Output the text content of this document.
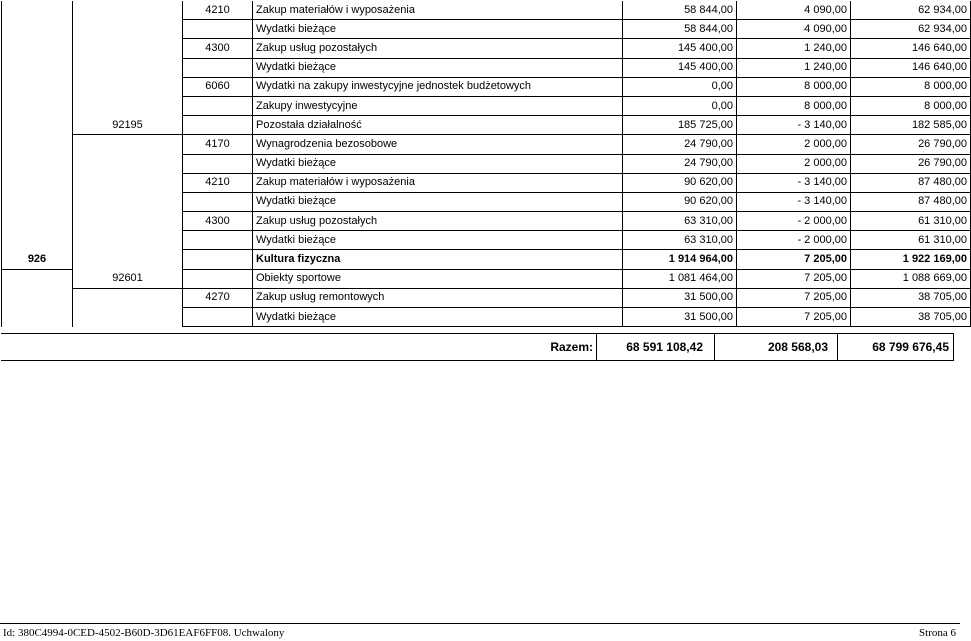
		4210	Zakup materiałów i wyposażenia	58 844,00	4 090,00	62 934,00
			Wydatki bieżące	58 844,00	4 090,00	62 934,00
		4300	Zakup usług pozostałych	145 400,00	1 240,00	146 640,00
			Wydatki bieżące	145 400,00	1 240,00	146 640,00
		6060	Wydatki na zakupy inwestycyjne jednostek budżetowych	0,00	8 000,00	8 000,00
			Zakupy inwestycyjne	0,00	8 000,00	8 000,00
	92195		Pozostała działalność	185 725,00	- 3 140,00	182 585,00
		4170	Wynagrodzenia bezosobowe	24 790,00	2 000,00	26 790,00
			Wydatki bieżące	24 790,00	2 000,00	26 790,00
		4210	Zakup materiałów i wyposażenia	90 620,00	- 3 140,00	87 480,00
			Wydatki bieżące	90 620,00	- 3 140,00	87 480,00
		4300	Zakup usług pozostałych	63 310,00	- 2 000,00	61 310,00
			Wydatki bieżące	63 310,00	- 2 000,00	61 310,00
926			Kultura fizyczna	1 914 964,00	7 205,00	1 922 169,00
	92601		Obiekty sportowe	1 081 464,00	7 205,00	1 088 669,00
		4270	Zakup usług remontowych	31 500,00	7 205,00	38 705,00
			Wydatki bieżące	31 500,00	7 205,00	38 705,00
Razem:	68 591 108,42	208 568,03	68 799 676,45
Id: 380C4994-0CED-4502-B60D-3D61EAF6FF08. Uchwalony	Strona 6
